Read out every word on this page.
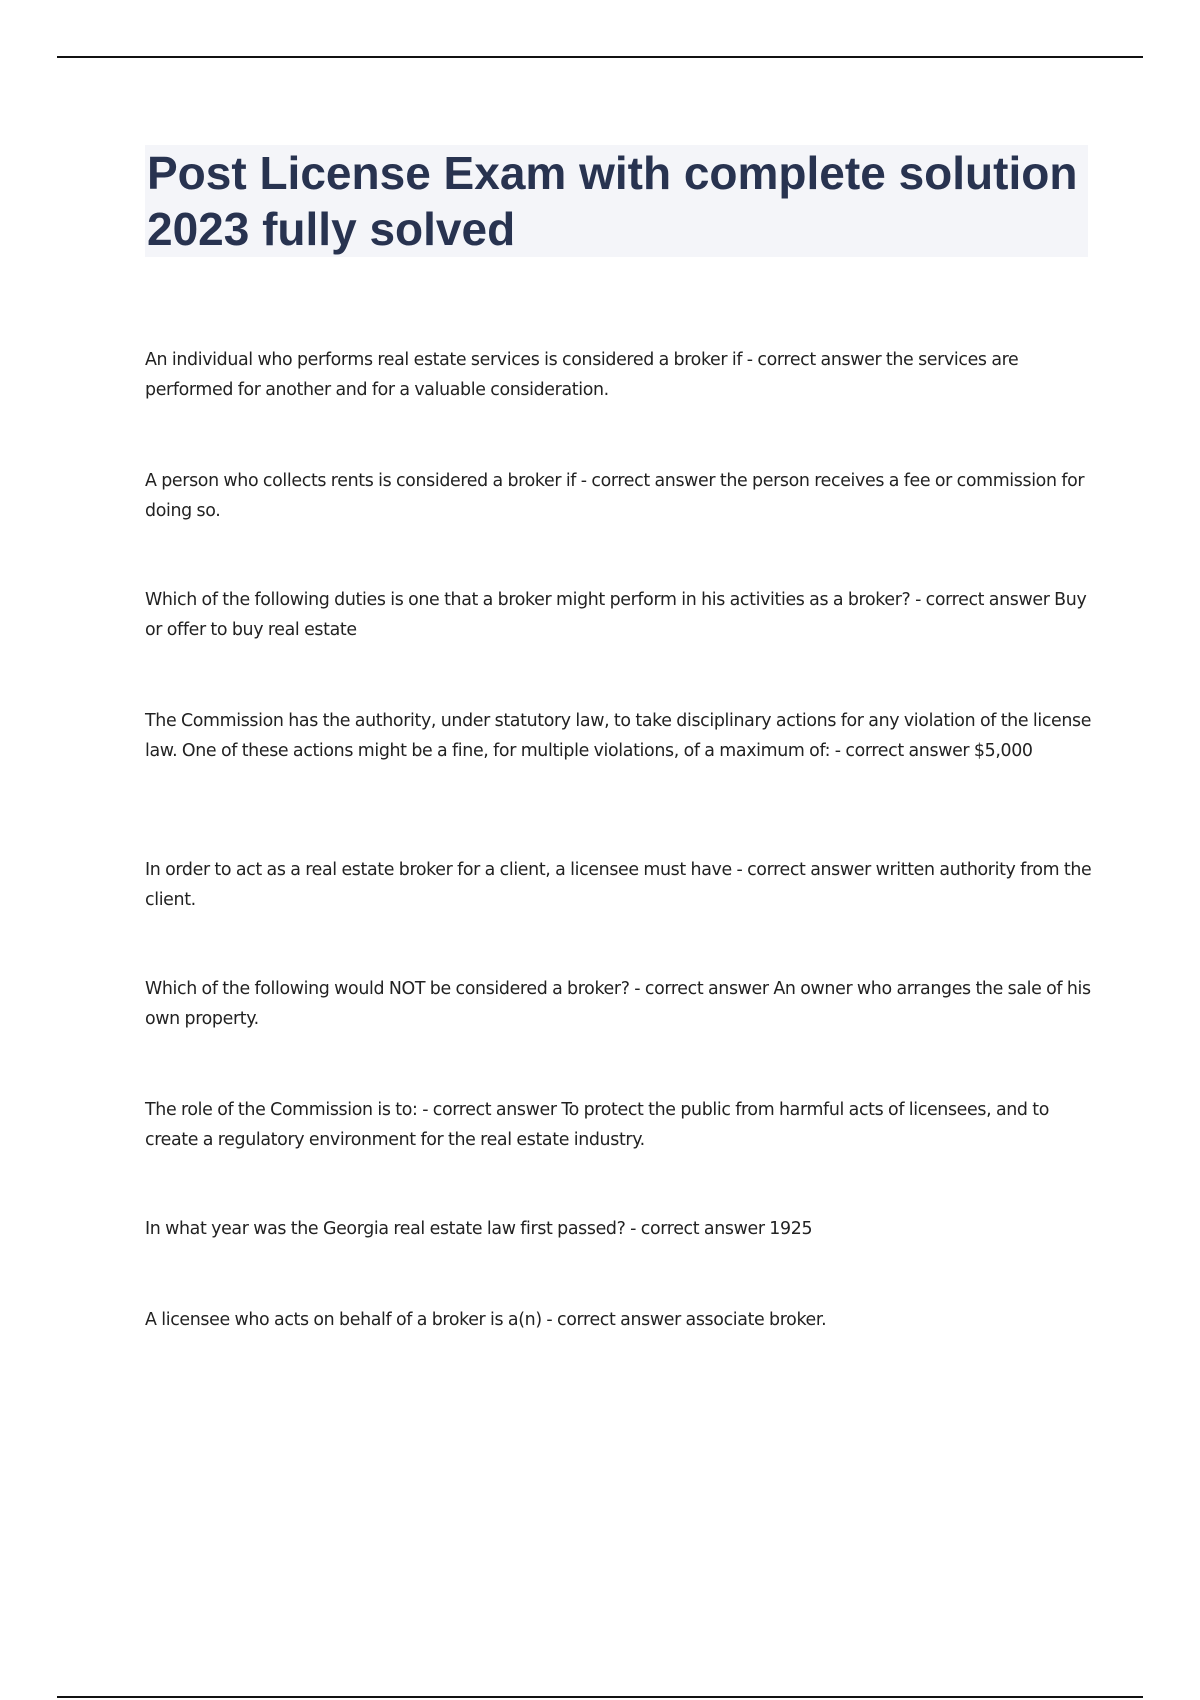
Post License Exam with complete solution 2023 fully solved
An individual who performs real estate services is considered a broker if - correct answer the services are performed for another and for a valuable consideration.
A person who collects rents is considered a broker if - correct answer the person receives a fee or commission for doing so.
Which of the following duties is one that a broker might perform in his activities as a broker? - correct answer Buy or offer to buy real estate
The Commission has the authority, under statutory law, to take disciplinary actions for any violation of the license law. One of these actions might be a fine, for multiple violations, of a maximum of: - correct answer $5,000
In order to act as a real estate broker for a client, a licensee must have - correct answer written authority from the client.
Which of the following would NOT be considered a broker? - correct answer An owner who arranges the sale of his own property.
The role of the Commission is to: - correct answer To protect the public from harmful acts of licensees, and to create a regulatory environment for the real estate industry.
In what year was the Georgia real estate law first passed? - correct answer 1925
A licensee who acts on behalf of a broker is a(n) - correct answer associate broker.
